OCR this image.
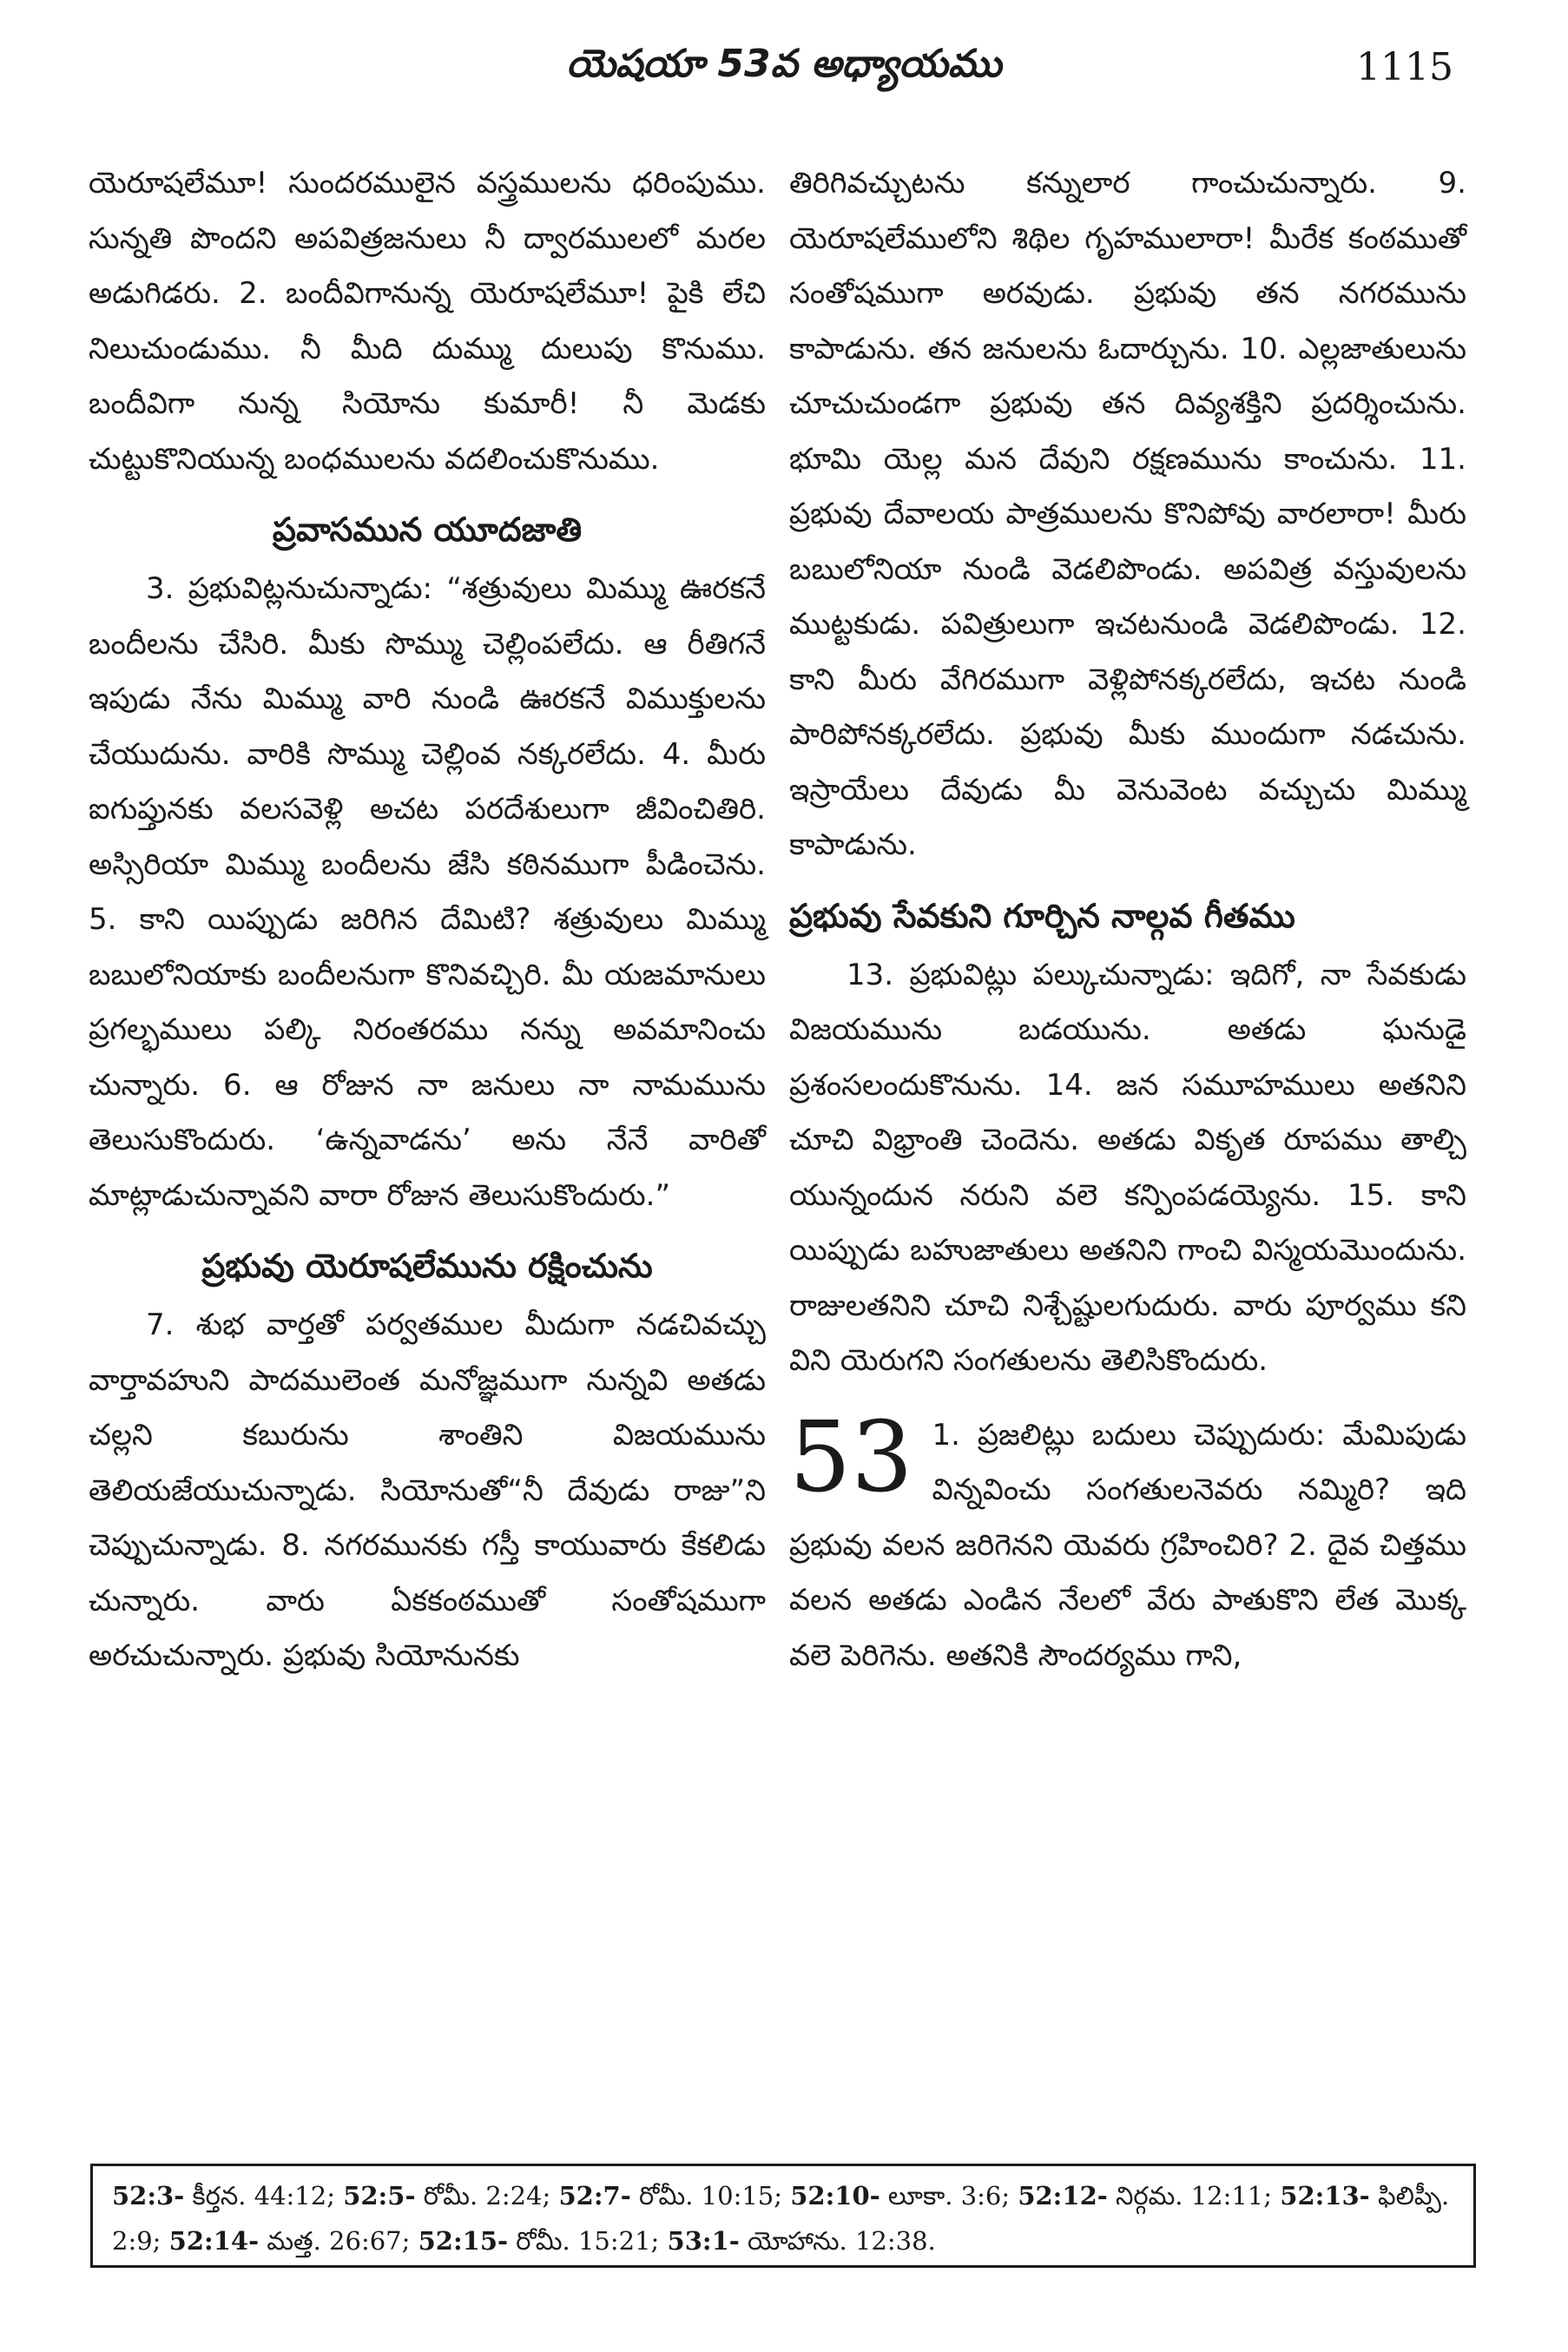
యెషయా 53వ అధ్యాయము	1115

యెరూషలేమూ! సుందరములైన వస్త్రములను ధరింపుము. సున్నతి పొందని అపవిత్రజనులు నీ ద్వారములలో మరల అడుగిడరు. 2. బందీవిగానున్న యెరూషలేమూ! పైకి లేచి నిలుచుండుము. నీ మీది దుమ్ము దులుపు కొనుము. బందీవిగా నున్న సియోను కుమారీ! నీ మెడకు చుట్టుకొనియున్న బంధములను వదలించుకొనుము.

ప్రవాసమున యూదజాతి

3. ప్రభువిట్లనుచున్నాడు: “శత్రువులు మిమ్ము ఊరకనే బందీలను చేసిరి. మీకు సొమ్ము చెల్లింపలేదు. ఆ రీతిగనే ఇపుడు నేను మిమ్ము వారి నుండి ఊరకనే విముక్తులను చేయుదును. వారికి సొమ్ము చెల్లింవ నక్కరలేదు. 4. మీరు ఐగుప్తునకు వలసవెళ్లి అచట పరదేశులుగా జీవించితిరి. అస్సిరియా మిమ్ము బందీలను జేసి కఠినముగా పీడించెను. 5. కాని యిప్పుడు జరిగిన దేమిటి? శత్రువులు మిమ్ము బబులోనియాకు బందీలనుగా కొనివచ్చిరి. మీ యజమానులు ప్రగల్భములు పల్కి నిరంతరము నన్ను అవమానించు చున్నారు. 6. ఆ రోజున నా జనులు నా నామమును తెలుసుకొందురు. ‘ఉన్నవాడను’ అను నేనే వారితో మాట్లాడుచున్నావని వారా రోజున తెలుసుకొందురు.”

ప్రభువు యెరూషలేమును రక్షించును

7. శుభ వార్తతో పర్వతముల మీదుగా నడచివచ్చు వార్తావహుని పాదములెంత మనోజ్ఞముగా నున్నవి అతడు చల్లని కబురును శాంతిని విజయమును తెలియజేయుచున్నాడు. సియోనుతో“నీ దేవుడు రాజు”ని చెప్పుచున్నాడు. 8. నగరమునకు గస్తీ కాయువారు కేకలిడు చున్నారు. వారు ఏకకంఠముతో సంతోషముగా అరచుచున్నారు. ప్రభువు సియోనునకు

తిరిగివచ్చుటను కన్నులార గాంచుచున్నారు. 9. యెరూషలేములోని శిథిల గృహములారా! మీరేక కంఠముతో సంతోషముగా అరవుడు. ప్రభువు తన నగరమును కాపాడును. తన జనులను ఓదార్చును. 10. ఎల్లజాతులును చూచుచుండగా ప్రభువు తన దివ్యశక్తిని ప్రదర్శించును. భూమి యెల్ల మన దేవుని రక్షణమును కాంచును. 11. ప్రభువు దేవాలయ పాత్రములను కొనిపోవు వారలారా! మీరు బబులోనియా నుండి వెడలిపొండు. అపవిత్ర వస్తువులను ముట్టకుడు. పవిత్రులుగా ఇచటనుండి వెడలిపొండు. 12. కాని మీరు వేగిరముగా వెళ్లిపోనక్కరలేదు, ఇచట నుండి పారిపోనక్కరలేదు. ప్రభువు మీకు ముందుగా నడచును. ఇస్రాయేలు దేవుడు మీ వెనువెంట వచ్చుచు మిమ్ము కాపాడును.

ప్రభువు సేవకుని గూర్చిన నాల్గవ గీతము

13. ప్రభువిట్లు పల్కుచున్నాడు: ఇదిగో, నా సేవకుడు విజయమును బడయును. అతడు ఘనుడై ప్రశంసలందుకొనును. 14. జన సమూహములు అతనిని చూచి విభ్రాంతి చెందెను. అతడు వికృత రూపము తాల్చి యున్నందున నరుని వలె కన్పింపడయ్యెను. 15. కాని యిప్పుడు బహుజాతులు అతనిని గాంచి విస్మయమొందును. రాజులతనిని చూచి నిశ్చేష్టులగుదురు. వారు పూర్వము కని విని యెరుగని సంగతులను తెలిసికొందురు.

53 1. ప్రజలిట్లు బదులు చెప్పుదురు: మేమిపుడు విన్నవించు సంగతులనెవరు నమ్మిరి? ఇది ప్రభువు వలన జరిగెనని యెవరు గ్రహించిరి? 2. దైవ చిత్తము వలన అతడు ఎండిన నేలలో వేరు పాతుకొని లేత మొక్క వలె పెరిగెను. అతనికి సౌందర్యము గాని,

52:3- కీర్తన. 44:12; 52:5- రోమీ. 2:24; 52:7- రోమీ. 10:15; 52:10- లూకా. 3:6; 52:12- నిర్గమ. 12:11; 52:13- ఫిలిప్పీ. 2:9; 52:14- మత్త. 26:67; 52:15- రోమీ. 15:21; 53:1- యోహాను. 12:38.
